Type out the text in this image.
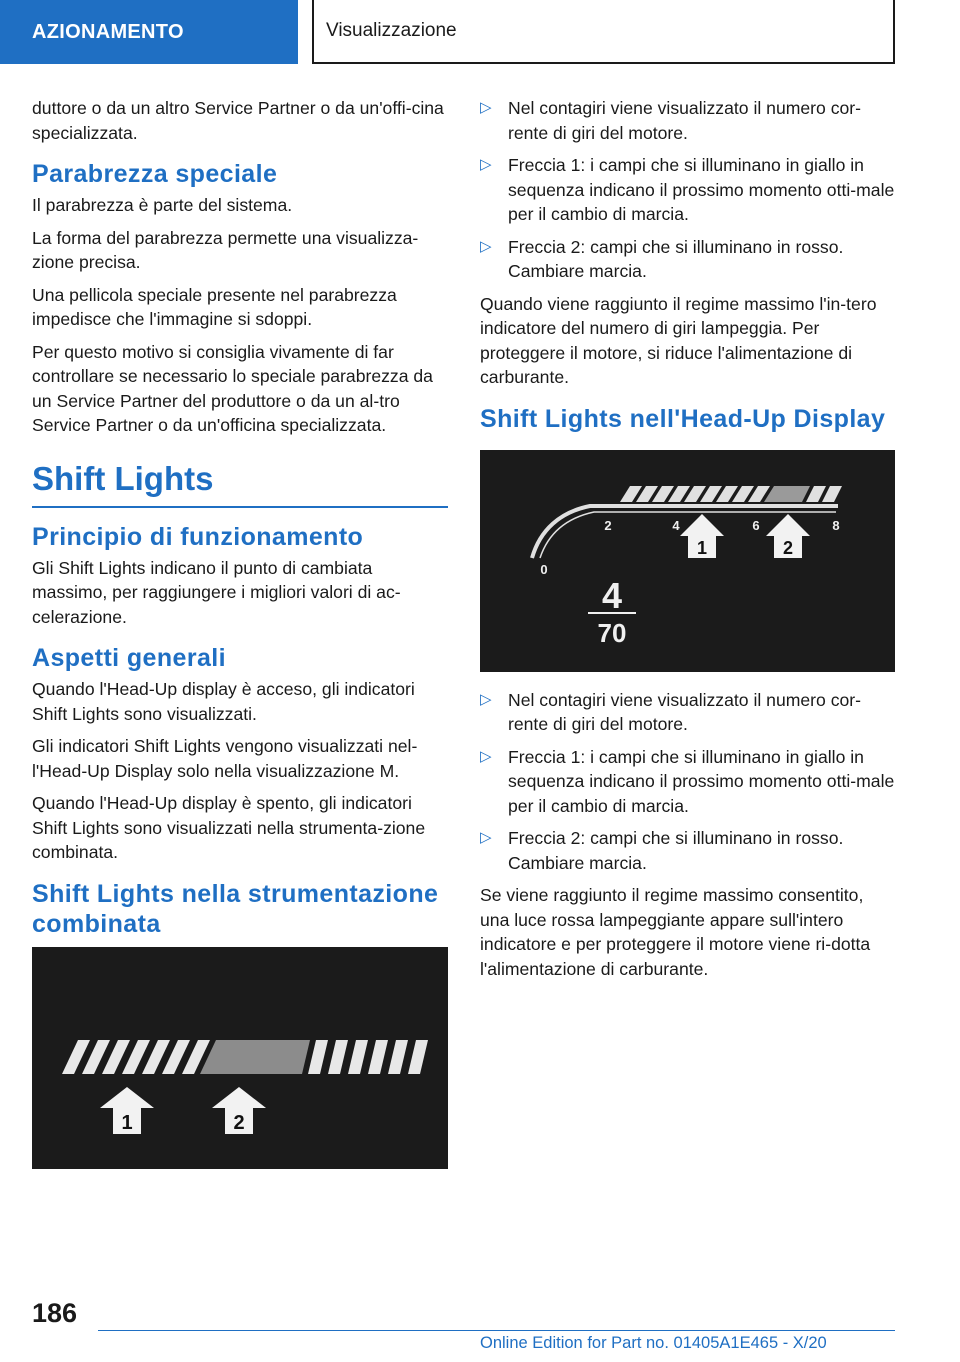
AZIONAMENTO	Visualizzazione

duttore o da un altro Service Partner o da un'offi-cina specializzata.

Parabrezza speciale

Il parabrezza è parte del sistema.

La forma del parabrezza permette una visualizza-zione precisa.

Una pellicola speciale presente nel parabrezza impedisce che l'immagine si sdoppi.

Per questo motivo si consiglia vivamente di far controllare se necessario lo speciale parabrezza da un Service Partner del produttore o da un al-tro Service Partner o da un'officina specializzata.

Shift Lights
Principio di funzionamento

Gli Shift Lights indicano il punto di cambiata massimo, per raggiungere i migliori valori di ac-celerazione.

Aspetti generali

Quando l'Head-Up display è acceso, gli indicatori Shift Lights sono visualizzati.

Gli indicatori Shift Lights vengono visualizzati nel-l'Head-Up Display solo nella visualizzazione M.

Quando l'Head-Up display è spento, gli indicatori Shift Lights sono visualizzati nella strumenta-zione combinata.

Shift Lights nella strumentazione combinata
1	2
▷ Nel contagiri viene visualizzato il numero cor-rente di giri del motore.
▷ Freccia 1: i campi che si illuminano in giallo in sequenza indicano il prossimo momento otti-male per il cambio di marcia.
▷ Freccia 2: campi che si illuminano in rosso. Cambiare marcia.

Quando viene raggiunto il regime massimo l'in-tero indicatore del numero di giri lampeggia. Per proteggere il motore, si riduce l'alimentazione di carburante.

Shift Lights nell'Head-Up Display
0
2	4	6	8
1	2
4
70
▷ Nel contagiri viene visualizzato il numero cor-rente di giri del motore.
▷ Freccia 1: i campi che si illuminano in giallo in sequenza indicano il prossimo momento otti-male per il cambio di marcia.
▷ Freccia 2: campi che si illuminano in rosso. Cambiare marcia.

Se viene raggiunto il regime massimo consentito, una luce rossa lampeggiante appare sull'intero indicatore e per proteggere il motore viene ri-dotta l'alimentazione di carburante.

186
Online Edition for Part no. 01405A1E465 - X/20
